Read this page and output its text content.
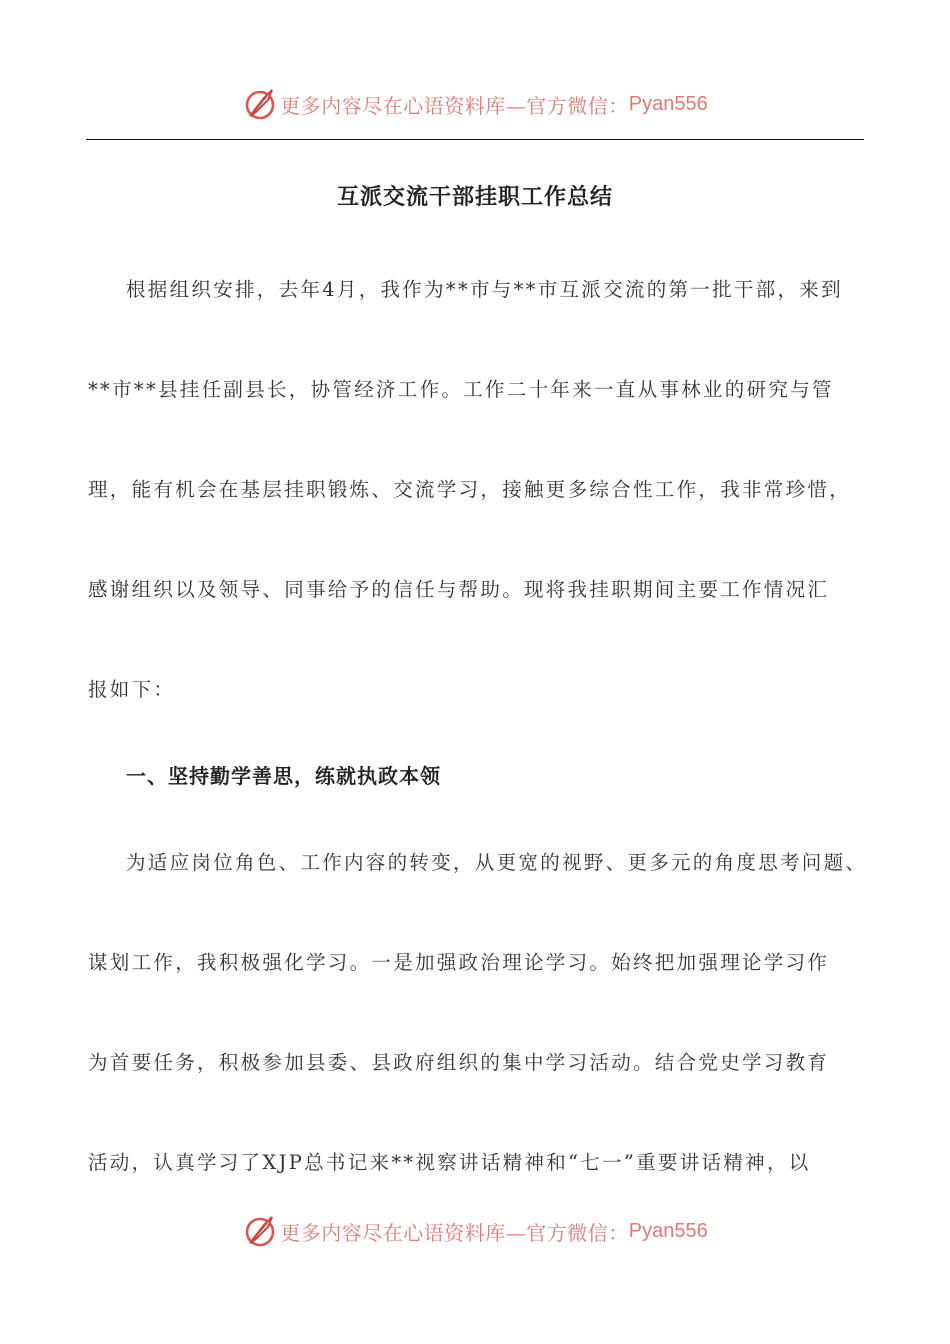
更多内容尽在心语资料库—官方微信： Pyan556
互派交流干部挂职工作总结
根据组织安排，去年4月，我作为**市与**市互派交流的第一批干部，来到
**市**县挂任副县长，协管经济工作。工作二十年来一直从事林业的研究与管
理，能有机会在基层挂职锻炼、交流学习，接触更多综合性工作，我非常珍惜，
感谢组织以及领导、同事给予的信任与帮助。现将我挂职期间主要工作情况汇
报如下：
一、坚持勤学善思，练就执政本领
为适应岗位角色、工作内容的转变，从更宽的视野、更多元的角度思考问题、
谋划工作，我积极强化学习。一是加强政治理论学习。始终把加强理论学习作
为首要任务，积极参加县委、县政府组织的集中学习活动。结合党史学习教育
活动，认真学习了XJP总书记来**视察讲话精神和“七一”重要讲话精神，以
更多内容尽在心语资料库—官方微信： Pyan556
